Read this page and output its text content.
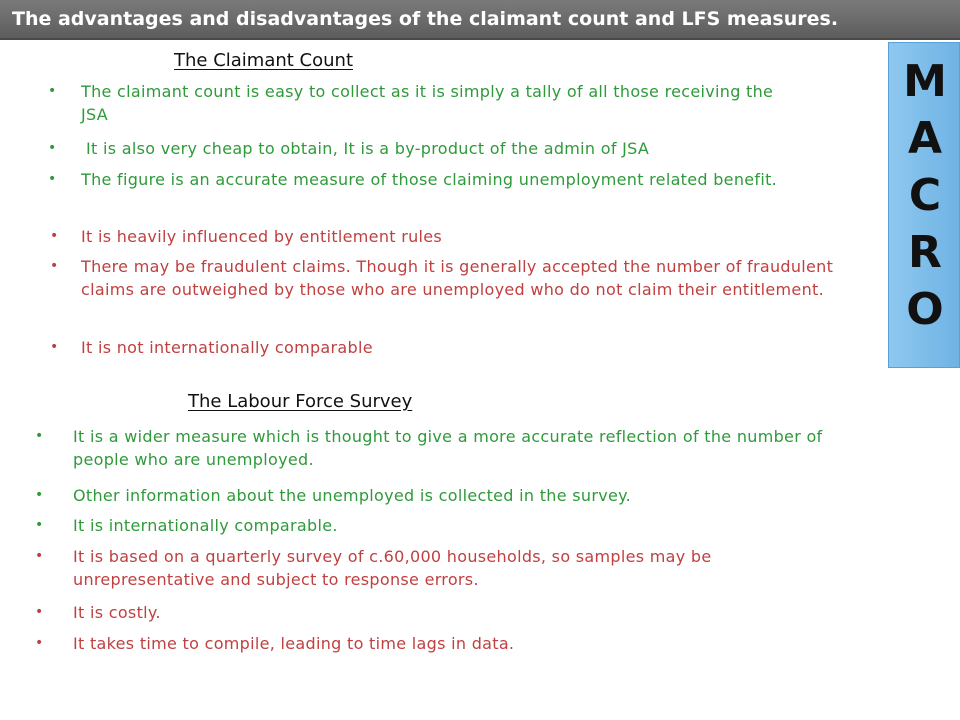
The advantages and disadvantages of the claimant count and LFS measures.
M
A
C
R
O
The Claimant Count
•	The claimant count is easy to collect as it is simply a tally of all those receiving the JSA
•	It is also very cheap to obtain, It is a by-product of the admin of JSA
•	The figure is an accurate measure of those claiming unemployment related benefit.
•	It is heavily influenced by entitlement rules
•	There may be fraudulent claims. Though it is generally accepted the number of fraudulent claims are outweighed by those who are unemployed who do not claim their entitlement.
•	It is not internationally comparable
The Labour Force Survey
•	It is a wider measure which is thought to give a more accurate reflection of the number of people who are unemployed.
•	Other information about the unemployed is collected in the survey.
•	It is internationally comparable.
•	It is based on a quarterly survey of c.60,000 households, so samples may be unrepresentative and subject to response errors.
•	It is costly.
•	It takes time to compile, leading to time lags in data.
